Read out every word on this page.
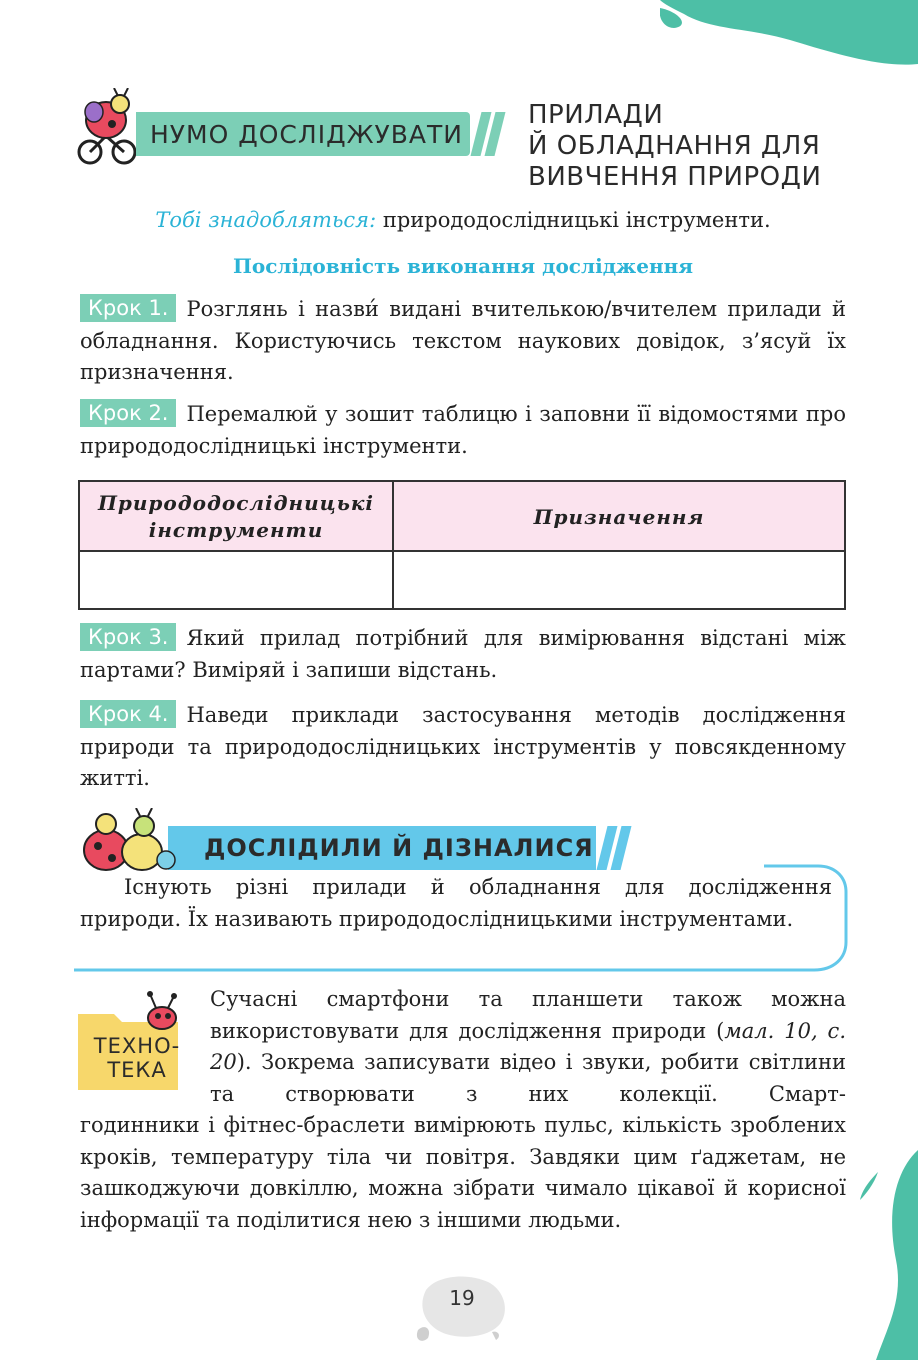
НУМО ДОСЛІДЖУВАТИ
ПРИЛАДИ
Й ОБЛАДНАННЯ ДЛЯ
ВИВЧЕННЯ ПРИРОДИ
Тобі знадобляться: природодослідницькі інструменти.
Послідовність виконання дослідження
Крок 1. Розглянь і назви́ видані вчителькою/вчителем прилади й обладнання. Користуючись текстом наукових довідок, з’ясуй їх призначення.
Крок 2. Перемалюй у зошит таблицю і заповни її відомостями про природодослідницькі інструменти.
Природодослідницькі інструменти
Призначення
Крок 3. Який прилад потрібний для вимірювання відстані між партами? Виміряй і запиши відстань.
Крок 4. Наведи приклади застосування методів дослідження природи та природодослідницьких інструментів у повсякденному житті.
ДОСЛІДИЛИ Й ДІЗНАЛИСЯ
Існують різні прилади й обладнання для дослідження природи. Їх називають природодослідницькими інструментами.
ТЕХНО-
ТЕКА
Сучасні смартфони та планшети також можна використовувати для дослідження природи (мал. 10, с. 20). Зокрема записувати відео і звуки, робити світлини та створювати з них колекції. Смарт-
годинники і фітнес-браслети вимірюють пульс, кількість зроблених кроків, температуру тіла чи повітря. Завдяки цим ґаджетам, не зашкоджуючи довкіллю, можна зібрати чимало цікавої й корисної інформації та поділитися нею з іншими людьми.
19
